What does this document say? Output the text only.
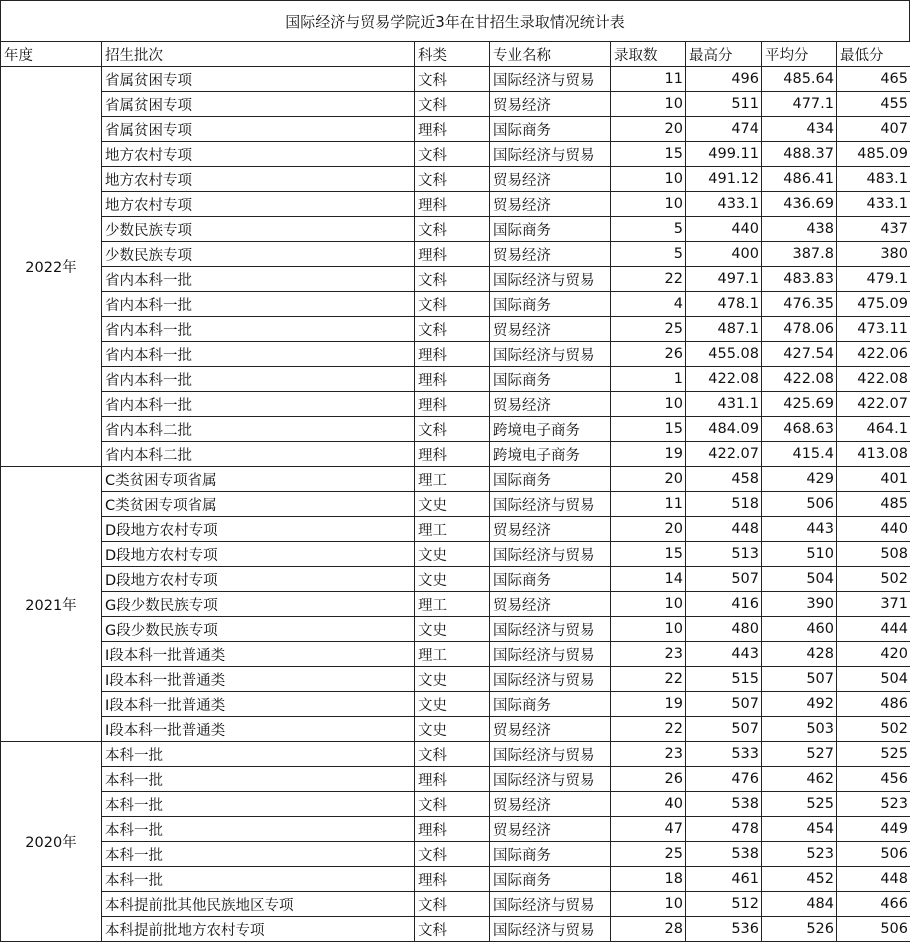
国际经济与贸易学院近3年在甘招生录取情况统计表
年度	招生批次	科类	专业名称	录取数	最高分	平均分	最低分
2022年	省属贫困专项	文科	国际经济与贸易	11	496	485.64	465
	省属贫困专项	文科	贸易经济	10	511	477.1	455
	省属贫困专项	理科	国际商务	20	474	434	407
	地方农村专项	文科	国际经济与贸易	15	499.11	488.37	485.09
	地方农村专项	文科	贸易经济	10	491.12	486.41	483.1
	地方农村专项	理科	贸易经济	10	433.1	436.69	433.1
	少数民族专项	文科	国际商务	5	440	438	437
	少数民族专项	理科	贸易经济	5	400	387.8	380
	省内本科一批	文科	国际经济与贸易	22	497.1	483.83	479.1
	省内本科一批	文科	国际商务	4	478.1	476.35	475.09
	省内本科一批	文科	贸易经济	25	487.1	478.06	473.11
	省内本科一批	理科	国际经济与贸易	26	455.08	427.54	422.06
	省内本科一批	理科	国际商务	1	422.08	422.08	422.08
	省内本科一批	理科	贸易经济	10	431.1	425.69	422.07
	省内本科二批	文科	跨境电子商务	15	484.09	468.63	464.1
	省内本科二批	理科	跨境电子商务	19	422.07	415.4	413.08
2021年	C类贫困专项省属	理工	国际商务	20	458	429	401
	C类贫困专项省属	文史	国际经济与贸易	11	518	506	485
	D段地方农村专项	理工	贸易经济	20	448	443	440
	D段地方农村专项	文史	国际经济与贸易	15	513	510	508
	D段地方农村专项	文史	国际商务	14	507	504	502
	G段少数民族专项	理工	贸易经济	10	416	390	371
	G段少数民族专项	文史	国际经济与贸易	10	480	460	444
	I段本科一批普通类	理工	国际经济与贸易	23	443	428	420
	I段本科一批普通类	文史	国际经济与贸易	22	515	507	504
	I段本科一批普通类	文史	国际商务	19	507	492	486
	I段本科一批普通类	文史	贸易经济	22	507	503	502
2020年	本科一批	文科	国际经济与贸易	23	533	527	525
	本科一批	理科	国际经济与贸易	26	476	462	456
	本科一批	文科	贸易经济	40	538	525	523
	本科一批	理科	贸易经济	47	478	454	449
	本科一批	文科	国际商务	25	538	523	506
	本科一批	理科	国际商务	18	461	452	448
	本科提前批其他民族地区专项	文科	国际经济与贸易	10	512	484	466
	本科提前批地方农村专项	文科	国际经济与贸易	28	536	526	506
